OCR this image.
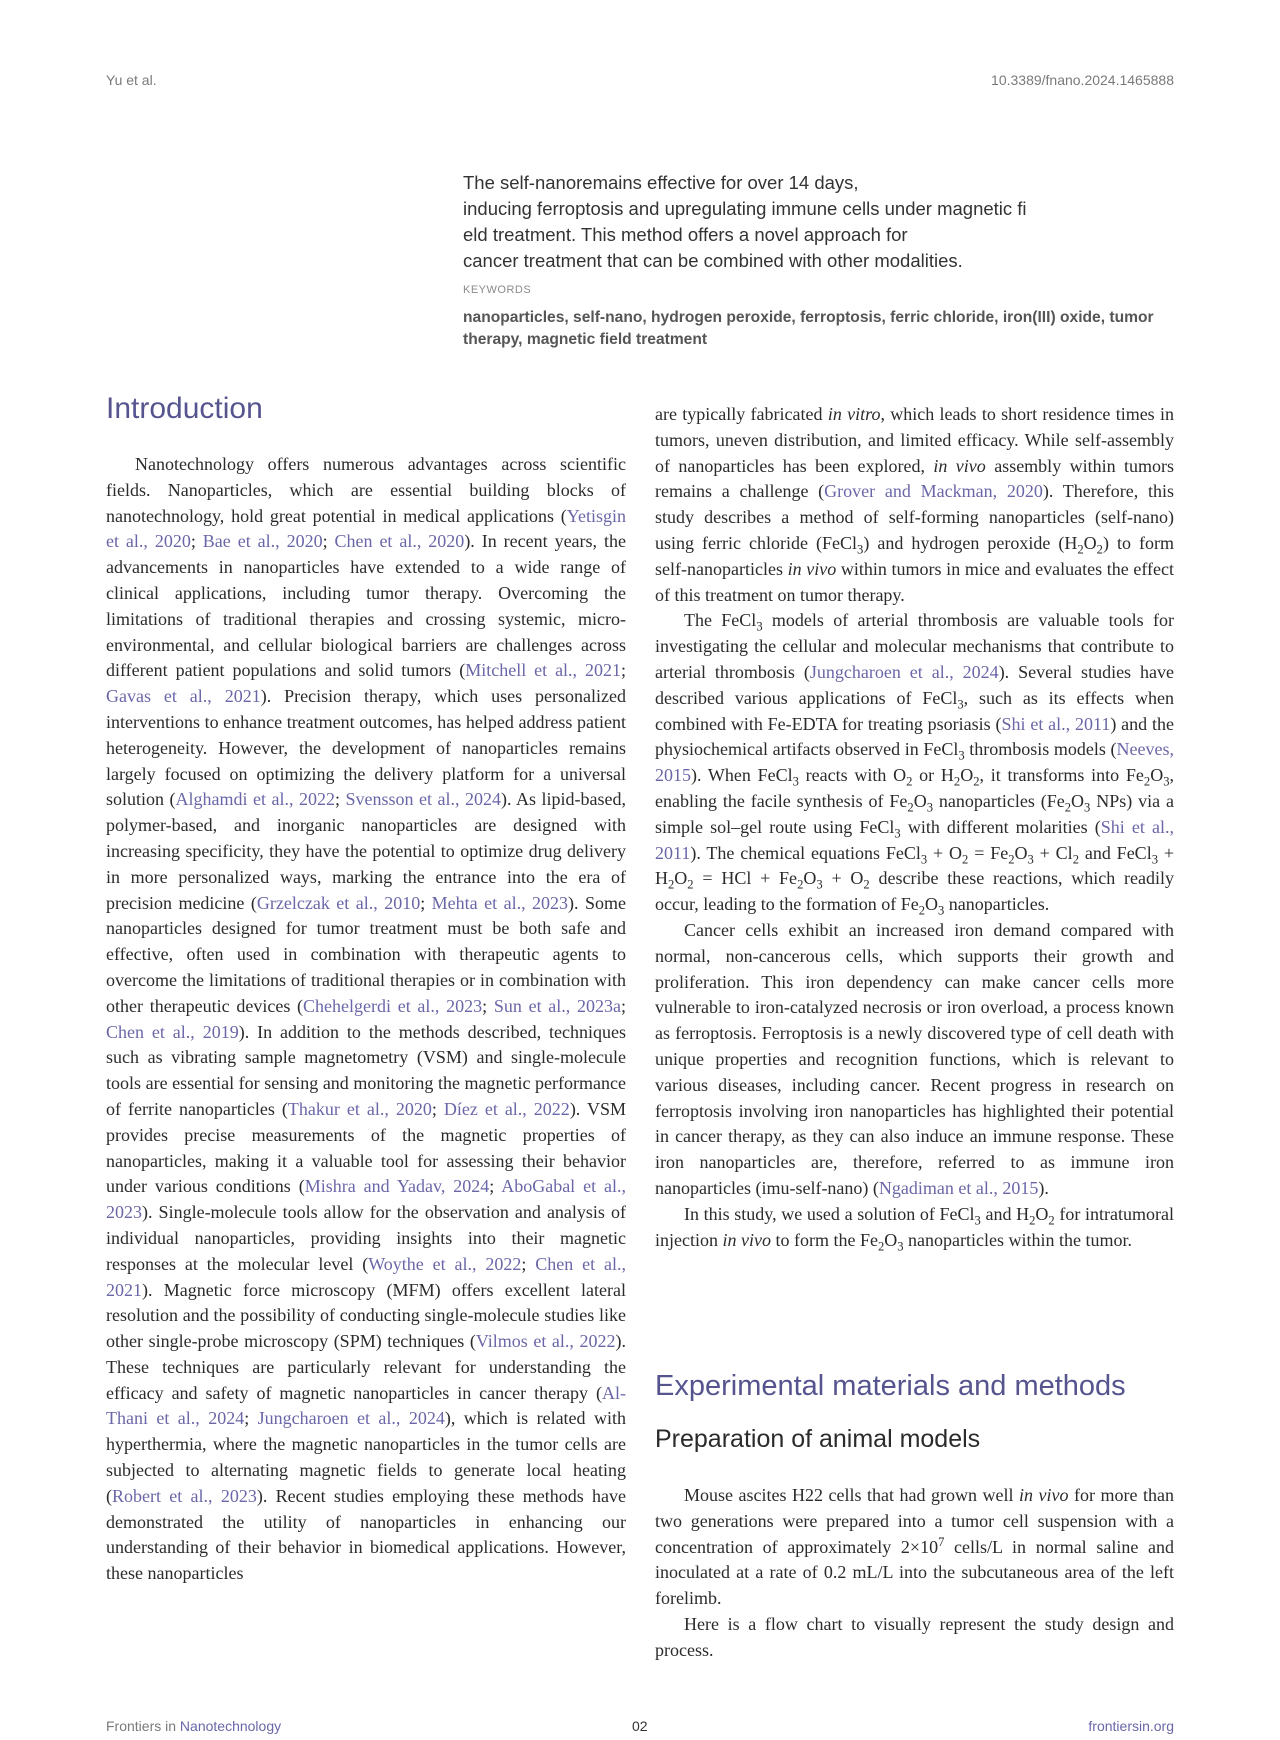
Yu et al.	10.3389/fnano.2024.1465888
The self-nanoremains effective for over 14 days,
inducing ferroptosis and upregulating immune cells under magnetic fi
eld treatment. This method offers a novel approach for
cancer treatment that can be combined with other modalities.
KEYWORDS
nanoparticles, self-nano, hydrogen peroxide, ferroptosis, ferric chloride, iron(III) oxide, tumor therapy, magnetic field treatment
Introduction

Nanotechnology offers numerous advantages across scientific fields. Nanoparticles, which are essential building blocks of nanotechnology, hold great potential in medical applications (Yetisgin et al., 2020; Bae et al., 2020; Chen et al., 2020). In recent years, the advancements in nanoparticles have extended to a wide range of clinical applications, including tumor therapy. Overcoming the limitations of traditional therapies and crossing systemic, micro-environmental, and cellular biological barriers are challenges across different patient populations and solid tumors (Mitchell et al., 2021; Gavas et al., 2021). Precision therapy, which uses personalized interventions to enhance treatment outcomes, has helped address patient heterogeneity. However, the development of nanoparticles remains largely focused on optimizing the delivery platform for a universal solution (Alghamdi et al., 2022; Svensson et al., 2024). As lipid-based, polymer-based, and inorganic nanoparticles are designed with increasing specificity, they have the potential to optimize drug delivery in more personalized ways, marking the entrance into the era of precision medicine (Grzelczak et al., 2010; Mehta et al., 2023). Some nanoparticles designed for tumor treatment must be both safe and effective, often used in combination with therapeutic agents to overcome the limitations of traditional therapies or in combination with other therapeutic devices (Chehelgerdi et al., 2023; Sun et al., 2023a; Chen et al., 2019). In addition to the methods described, techniques such as vibrating sample magnetometry (VSM) and single-molecule tools are essential for sensing and monitoring the magnetic performance of ferrite nanoparticles (Thakur et al., 2020; Díez et al., 2022). VSM provides precise measurements of the magnetic properties of nanoparticles, making it a valuable tool for assessing their behavior under various conditions (Mishra and Yadav, 2024; AboGabal et al., 2023). Single-molecule tools allow for the observation and analysis of individual nanoparticles, providing insights into their magnetic responses at the molecular level (Woythe et al., 2022; Chen et al., 2021). Magnetic force microscopy (MFM) offers excellent lateral resolution and the possibility of conducting single-molecule studies like other single-probe microscopy (SPM) techniques (Vilmos et al., 2022). These techniques are particularly relevant for understanding the efficacy and safety of magnetic nanoparticles in cancer therapy (Al-Thani et al., 2024; Jungcharoen et al., 2024), which is related with hyperthermia, where the magnetic nanoparticles in the tumor cells are subjected to alternating magnetic fields to generate local heating (Robert et al., 2023). Recent studies employing these methods have demonstrated the utility of nanoparticles in enhancing our understanding of their behavior in biomedical applications. However, these nanoparticles

are typically fabricated in vitro, which leads to short residence times in tumors, uneven distribution, and limited efficacy. While self-assembly of nanoparticles has been explored, in vivo assembly within tumors remains a challenge (Grover and Mackman, 2020). Therefore, this study describes a method of self-forming nanoparticles (self-nano) using ferric chloride (FeCl$_3$) and hydrogen peroxide $(H_2O_2)$ to form self-nanoparticles in vivo within tumors in mice and evaluates the effect of this treatment on tumor therapy.

The FeCl$_3$ models of arterial thrombosis are valuable tools for investigating the cellular and molecular mechanisms that contribute to arterial thrombosis (Jungcharoen et al., 2024). Several studies have described various applications of FeCl$_3$, such as its effects when combined with Fe-EDTA for treating psoriasis (Shi et al., 2011) and the physiochemical artifacts observed in FeCl$_3$ thrombosis models (Neeves, 2015). When FeCl$_3$ reacts with $O_2$ or $H_2O_2$, it transforms into $Fe_2O_3$, enabling the facile synthesis of $Fe_2O_3$ nanoparticles ($Fe_2O_3$ NPs) via a simple sol–gel route using FeCl$_3$ with different molarities (Shi et al., 2011). The chemical equations FeCl$_3$ + $O_2 = Fe_2O_3 + Cl_2$ and FeCl$_3$ + $H_2O_2$ = HCl + $Fe_2O_3 + O_2$ describe these reactions, which readily occur, leading to the formation of $Fe_2O_3$ nanoparticles.

Cancer cells exhibit an increased iron demand compared with normal, non-cancerous cells, which supports their growth and proliferation. This iron dependency can make cancer cells more vulnerable to iron-catalyzed necrosis or iron overload, a process known as ferroptosis. Ferroptosis is a newly discovered type of cell death with unique properties and recognition functions, which is relevant to various diseases, including cancer. Recent progress in research on ferroptosis involving iron nanoparticles has highlighted their potential in cancer therapy, as they can also induce an immune response. These iron nanoparticles are, therefore, referred to as immune iron nanoparticles (imu-self-nano) (Ngadiman et al., 2015).

In this study, we used a solution of FeCl$_3$ and $H_2O_2$ for intratumoral injection in vivo to form the $Fe_2O_3$ nanoparticles within the tumor.

Experimental materials and methods
Preparation of animal models

Mouse ascites H22 cells that had grown well in vivo for more than two generations were prepared into a tumor cell suspension with a concentration of approximately $2\times 10^7$ cells/L in normal saline and inoculated at a rate of 0.2 mL/L into the subcutaneous area of the left forelimb.

Here is a flow chart to visually represent the study design and process.

Frontiers in Nanotechnology	02	frontiersin.org
